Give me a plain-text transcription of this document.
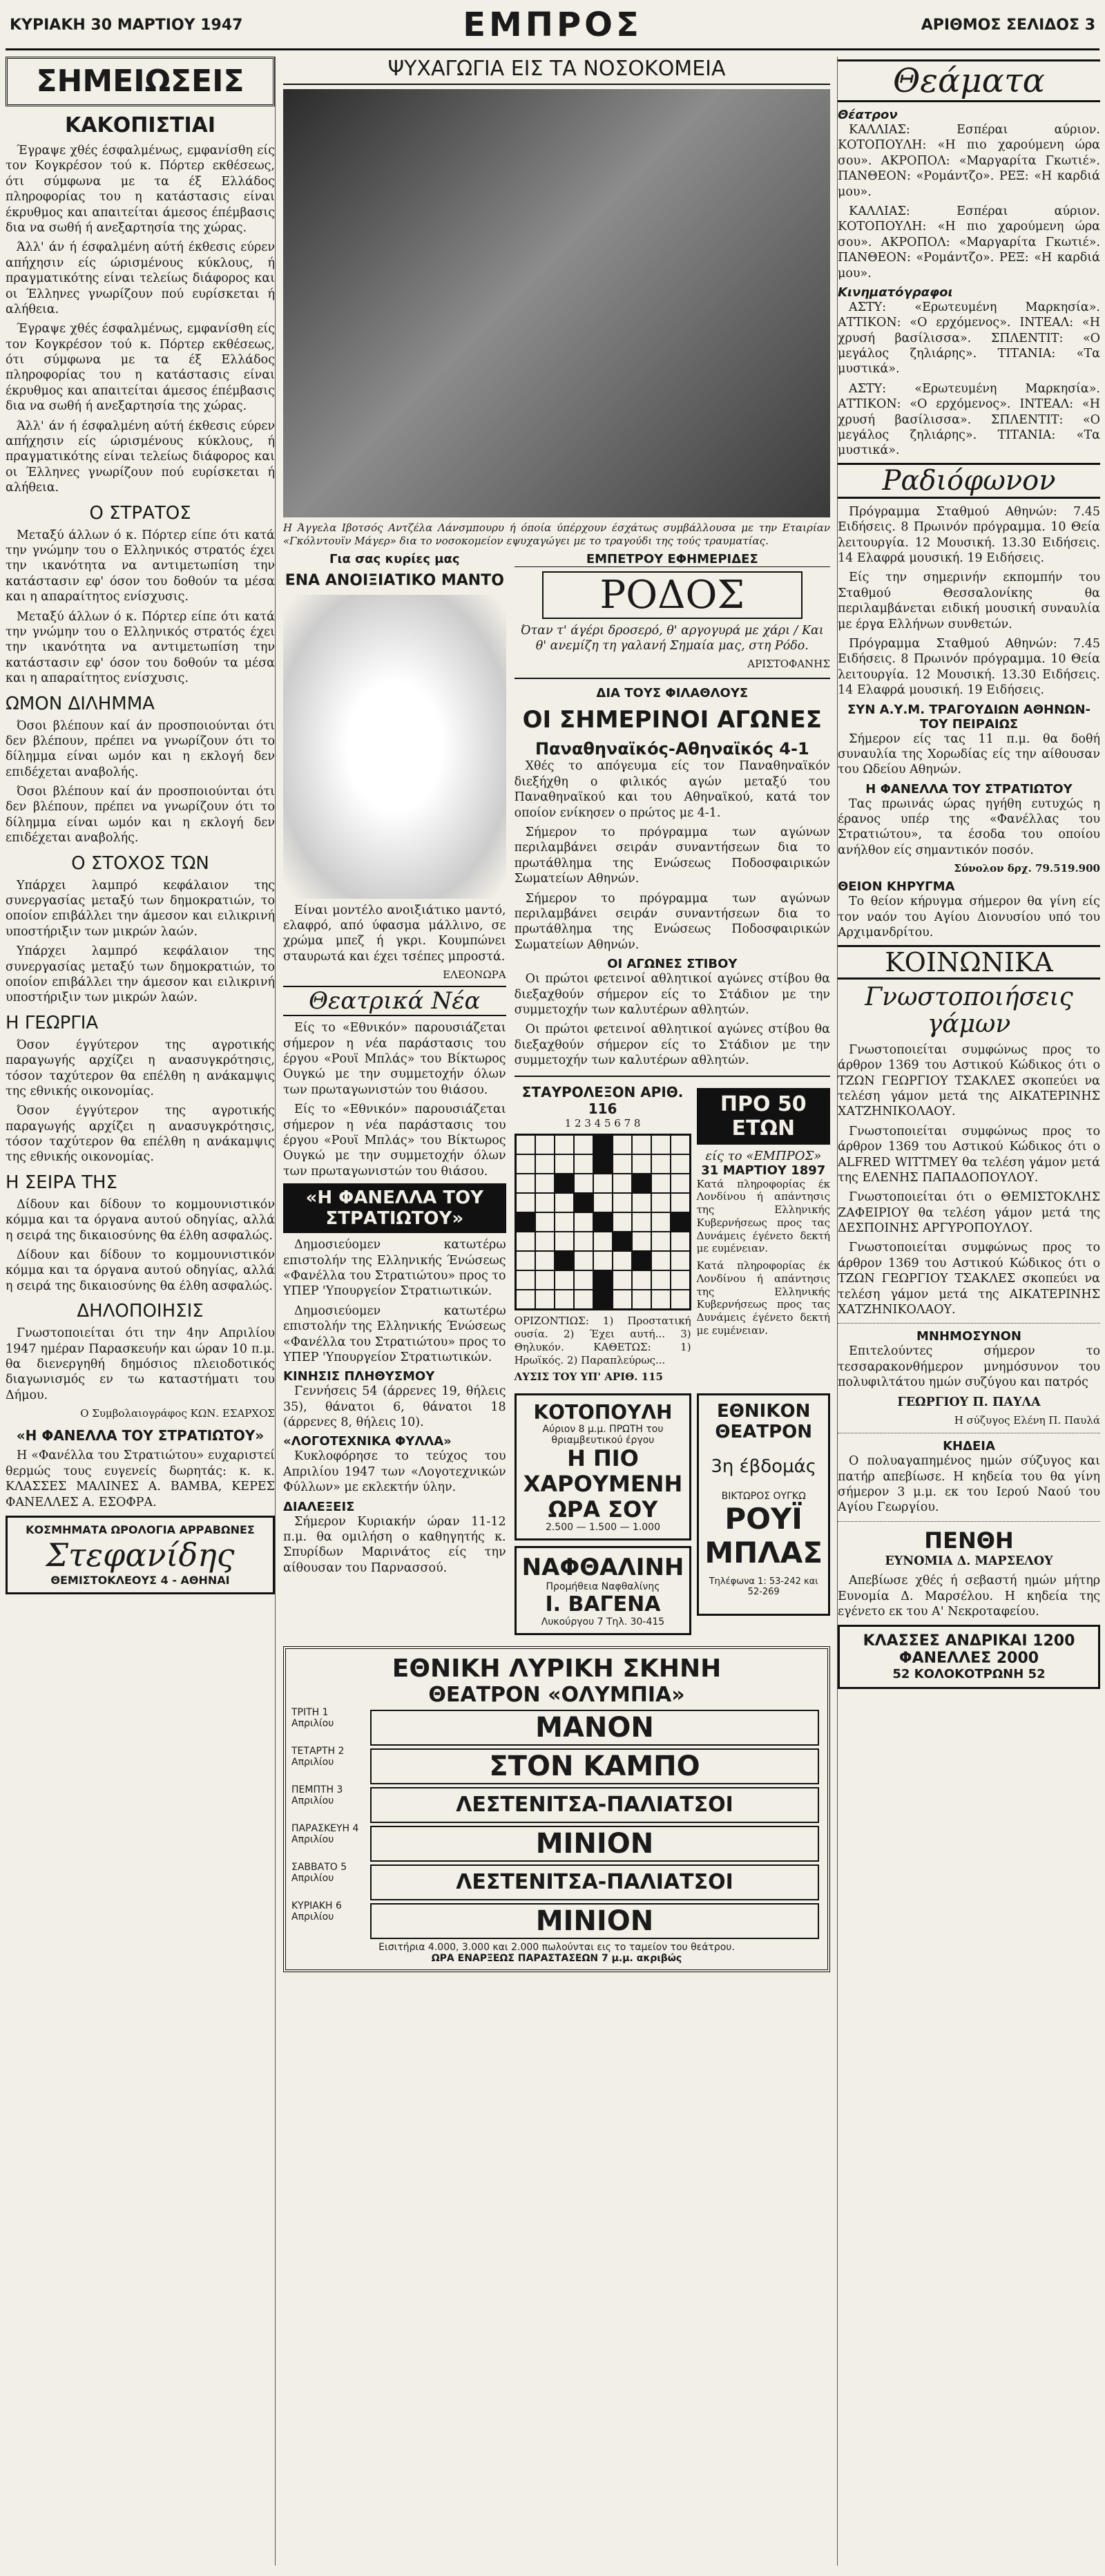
ΚΥΡΙΑΚΗ 30 ΜΑΡΤΙΟΥ 1947	ΕΜΠΡΟΣ	ΑΡΙΘΜΟΣ ΣΕΛΙΔΟΣ 3
ΣΗΜΕΙΩΣΕΙΣ
ΚΑΚΟΠΙΣΤΙΑΙ

Έγραψε χθές έσφαλμένως, εμφανίσθη είς τον Κογκρέσον τού κ. Πόρτερ εκθέσεως, ότι σύμφωνα με τα έξ Ελλάδος πληροφορίας του η κατάστασις είναι έκρυθμος και απαιτείται άμεσος έπέμβασις δια να σωθή ή ανεξαρτησία της χώρας.

Άλλ' άν ή έσφαλμένη αύτή έκθεσις εύρεν απήχησιν είς ώρισμένους κύκλους, ή πραγματικότης είναι τελείως διάφορος και οι Έλληνες γνωρίζουν πού ευρίσκεται ή αλήθεια.

Έγραψε χθές έσφαλμένως, εμφανίσθη είς τον Κογκρέσον τού κ. Πόρτερ εκθέσεως, ότι σύμφωνα με τα έξ Ελλάδος πληροφορίας του η κατάστασις είναι έκρυθμος και απαιτείται άμεσος έπέμβασις δια να σωθή ή ανεξαρτησία της χώρας.

Άλλ' άν ή έσφαλμένη αύτή έκθεσις εύρεν απήχησιν είς ώρισμένους κύκλους, ή πραγματικότης είναι τελείως διάφορος και οι Έλληνες γνωρίζουν πού ευρίσκεται ή αλήθεια.

Ο ΣΤΡΑΤΟΣ

Μεταξύ άλλων ό κ. Πόρτερ είπε ότι κατά την γνώμην του ο Ελληνικός στρατός έχει την ικανότητα να αντιμετωπίση την κατάστασιν εφ' όσον του δοθούν τα μέσα και η απαραίτητος ενίσχυσις.

Μεταξύ άλλων ό κ. Πόρτερ είπε ότι κατά την γνώμην του ο Ελληνικός στρατός έχει την ικανότητα να αντιμετωπίση την κατάστασιν εφ' όσον του δοθούν τα μέσα και η απαραίτητος ενίσχυσις.

ΩΜΟΝ ΔΙΛΗΜΜΑ

Όσοι βλέπουν καί άν προσποιούνται ότι δεν βλέπουν, πρέπει να γνωρίζουν ότι το δίλημμα είναι ωμόν και η εκλογή δεν επιδέχεται αναβολής.

Όσοι βλέπουν καί άν προσποιούνται ότι δεν βλέπουν, πρέπει να γνωρίζουν ότι το δίλημμα είναι ωμόν και η εκλογή δεν επιδέχεται αναβολής.

Ο ΣΤΟΧΟΣ ΤΩΝ

Υπάρχει λαμπρό κεφάλαιον της συνεργασίας μεταξύ των δημοκρατιών, το οποίον επιβάλλει την άμεσον και ειλικρινή υποστήριξιν των μικρών λαών.

Υπάρχει λαμπρό κεφάλαιον της συνεργασίας μεταξύ των δημοκρατιών, το οποίον επιβάλλει την άμεσον και ειλικρινή υποστήριξιν των μικρών λαών.

Η ΓΕΩΡΓΙΑ

Όσον έγγύτερον της αγροτικής παραγωγής αρχίζει η ανασυγκρότησις, τόσον ταχύτερον θα επέλθη η ανάκαμψις της εθνικής οικονομίας.

Όσον έγγύτερον της αγροτικής παραγωγής αρχίζει η ανασυγκρότησις, τόσον ταχύτερον θα επέλθη η ανάκαμψις της εθνικής οικονομίας.

Η ΣΕΙΡΑ ΤΗΣ

Δίδουν και δίδουν το κομμουνιστικόν κόμμα και τα όργανα αυτού οδηγίας, αλλά η σειρά της δικαιοσύνης θα έλθη ασφαλώς.

Δίδουν και δίδουν το κομμουνιστικόν κόμμα και τα όργανα αυτού οδηγίας, αλλά η σειρά της δικαιοσύνης θα έλθη ασφαλώς.

ΔΗΛΟΠΟΙΗΣΙΣ

Γνωστοποιείται ότι την 4ην Απριλίου 1947 ημέραν Παρασκευήν και ώραν 10 π.μ. θα διενεργηθή δημόσιος πλειοδοτικός διαγωνισμός εν τω καταστήματι του Δήμου.

Ο Συμβολαιογράφος ΚΩΝ. ΕΣΑΡΧΟΣ

«Η ΦΑΝΕΛΛΑ ΤΟΥ ΣΤΡΑΤΙΩΤΟΥ»

Η «Φανέλλα του Στρατιώτου» ευχαριστεί θερμώς τους ευγενείς δωρητάς: κ. κ. ΚΛΑΣΣΕΣ ΜΑΛΙΝΕΣ Α. ΒΑΜΒΑ, ΚΕΡΕΣ ΦΑΝΕΛΛΕΣ Α. ΕΣΟΦΡΑ.

ΚΟΣΜΗΜΑΤΑ ΩΡΟΛΟΓΙΑ ΑΡΡΑΒΩΝΕΣ
Στεφανίδης
ΘΕΜΙΣΤΟΚΛΕΟΥΣ 4 - ΑΘΗΝΑΙ
ΨΥΧΑΓΩΓΙΑ ΕΙΣ ΤΑ ΝΟΣΟΚΟΜΕΙΑ

Η Άγγελα Ιβοτσός Αντζέλα Λάνσμπουρυ ή όποία ύπέρχουν έσχάτως συμβάλλουσα με την Εταιρίαν «Γκόλντουϊν Μάγερ» δια το νοσοκομείον εψυχαγώγει με το τραγούδι της τούς τραυματίας.

Για σας κυρίες μας
ΕΝΑ ΑΝΟΙΞΙΑΤΙΚΟ ΜΑΝΤΟ

Είναι μοντέλο ανοιξιάτικο μαντό, ελαφρό, από ύφασμα μάλλινο, σε χρώμα μπεζ ή γκρι. Κουμπώνει σταυρωτά και έχει τσέπες μπροστά.

ΕΛΕΟΝΩΡΑ

Θεατρικά Νέα

Είς το «Εθνικόν» παρουσιάζεται σήμερον η νέα παράστασις του έργου «Ρουϊ Μπλάς» του Βίκτωρος Ουγκώ με την συμμετοχήν όλων των πρωταγωνιστών του θιάσου.

Είς το «Εθνικόν» παρουσιάζεται σήμερον η νέα παράστασις του έργου «Ρουϊ Μπλάς» του Βίκτωρος Ουγκώ με την συμμετοχήν όλων των πρωταγωνιστών του θιάσου.

«Η ΦΑΝΕΛΛΑ ΤΟΥ ΣΤΡΑΤΙΩΤΟΥ»

Δημοσιεύομεν κατωτέρω επιστολήν της Ελληνικής Ένώσεως «Φανέλλα του Στρατιώτου» προς το ΥΠΕΡ 'Υπουργείον Στρατιωτικών.

Δημοσιεύομεν κατωτέρω επιστολήν της Ελληνικής Ένώσεως «Φανέλλα του Στρατιώτου» προς το ΥΠΕΡ 'Υπουργείον Στρατιωτικών.

ΚΙΝΗΣΙΣ ΠΛΗΘΥΣΜΟΥ

Γεννήσεις 54 (άρρενες 19, θήλεις 35), θάνατοι 6, θάνατοι 18 (άρρενες 8, θήλεις 10).

«ΛΟΓΟΤΕΧΝΙΚΑ ΦΥΛΛΑ»

Κυκλοφόρησε το τεύχος του Απριλίου 1947 των «Λογοτεχνικών Φύλλων» με εκλεκτήν ύλην.

ΔΙΑΛΕΞΕΙΣ

Σήμερον Κυριακήν ώραν 11-12 π.μ. θα ομιλήση ο καθηγητής κ. Σπυρίδων Μαρινάτος είς την αίθουσαν του Παρνασσού.

ΕΜΠΕΤΡΟΥ ΕΦΗΜΕΡΙΔΕΣ
ΡΟΔΟΣ

Όταν τ' άγέρι δροσερό, θ' αργογυρά με χάρι / Και θ' ανεμίζη τη γαλανή Σημαία μας, στη Ρόδο.

ΑΡΙΣΤΟΦΑΝΗΣ

ΔΙΑ ΤΟΥΣ ΦΙΛΑΘΛΟΥΣ
ΟΙ ΣΗΜΕΡΙΝΟΙ ΑΓΩΝΕΣ
Παναθηναϊκός-Αθηναϊκός 4-1

Χθές το απόγευμα είς τον Παναθηναϊκόν διεξήχθη ο φιλικός αγών μεταξύ του Παναθηναϊκού και του Αθηναϊκού, κατά τον οποίον ενίκησεν ο πρώτος με 4-1.

Σήμερον το πρόγραμμα των αγώνων περιλαμβάνει σειράν συναντήσεων δια το πρωτάθλημα της Ενώσεως Ποδοσφαιρικών Σωματείων Αθηνών.

Σήμερον το πρόγραμμα των αγώνων περιλαμβάνει σειράν συναντήσεων δια το πρωτάθλημα της Ενώσεως Ποδοσφαιρικών Σωματείων Αθηνών.

ΟΙ ΑΓΩΝΕΣ ΣΤΙΒΟΥ

Οι πρώτοι φετεινοί αθλητικοί αγώνες στίβου θα διεξαχθούν σήμερον είς το Στάδιον με την συμμετοχήν των καλυτέρων αθλητών.

Οι πρώτοι φετεινοί αθλητικοί αγώνες στίβου θα διεξαχθούν σήμερον είς το Στάδιον με την συμμετοχήν των καλυτέρων αθλητών.

ΣΤΑΥΡΟΛΕΞΟΝ ΑΡΙΘ. 116
1 2 3 4 5 6 7 8

ΟΡΙΖΟΝΤΙΩΣ: 1) Προστατική ουσία. 2) Έχει αυτή... 3) Θηλυκόν. ΚΑΘΕΤΩΣ: 1) Ηρωϊκός. 2) Παραπλεύρως...

ΛΥΣΙΣ ΤΟΥ ΥΠ' ΑΡΙΘ. 115

ΠΡΟ 50 ΕΤΩΝ
είς το «ΕΜΠΡΟΣ»
31 ΜΑΡΤΙΟΥ 1897

Κατά πληροφορίας έκ Λονδίνου ή απάντησις της Ελληνικής Κυβερνήσεως προς τας Δυνάμεις έγένετο δεκτή με ευμένειαν.

Κατά πληροφορίας έκ Λονδίνου ή απάντησις της Ελληνικής Κυβερνήσεως προς τας Δυνάμεις έγένετο δεκτή με ευμένειαν.

ΚΟΤΟΠΟΥΛΗ
Αύριον 8 μ.μ. ΠΡΩΤΗ του θριαμβευτικού έργου
Η ΠΙΟ ΧΑΡΟΥΜΕΝΗ ΩΡΑ ΣΟΥ
2.500 — 1.500 — 1.000
ΝΑΦΘΑΛΙΝΗ
Προμήθεια Ναφθαλίνης
Ι. ΒΑΓΕΝΑ
Λυκούργου 7 Τηλ. 30-415
ΕΘΝΙΚΟΝ ΘΕΑΤΡΟΝ
3η έβδομάς
ΒΙΚΤΩΡΟΣ ΟΥΓΚΩ
ΡΟΥΪ ΜΠΛΑΣ
Τηλέφωνα 1: 53-242 και 52-269
ΕΘΝΙΚΗ ΛΥΡΙΚΗ ΣΚΗΝΗ
ΘΕΑΤΡΟΝ «ΟΛΥΜΠΙΑ»
ΤΡΙΤΗ 1 Απριλίου
ΤΕΤΑΡΤΗ 2 Απριλίου
ΠΕΜΠΤΗ 3 Απριλίου
ΠΑΡΑΣΚΕΥΗ 4 Απριλίου
ΣΑΒΒΑΤΟ 5 Απριλίου
ΚΥΡΙΑΚΗ 6 Απριλίου
ΜΑΝΟΝ
ΣΤΟΝ ΚΑΜΠΟ
ΛΕΣΤΕΝΙΤΣΑ-ΠΑΛΙΑΤΣΟΙ
ΜΙΝΙΟΝ
ΛΕΣΤΕΝΙΤΣΑ-ΠΑΛΙΑΤΣΟΙ
ΜΙΝΙΟΝ
Εισιτήρια 4.000, 3.000 και 2.000 πωλούνται εις το ταμείον του θεάτρου.
ΩΡΑ ΕΝΑΡΞΕΩΣ ΠΑΡΑΣΤΑΣΕΩΝ 7 μ.μ. ακριβώς
Θεάματα
Θέατρον

ΚΑΛΛΙΑΣ: Εσπέραι αύριον. ΚΟΤΟΠΟΥΛΗ: «Η πιο χαρούμενη ώρα σου». ΑΚΡΟΠΟΛ: «Μαργαρίτα Γκωτιέ». ΠΑΝΘΕΟΝ: «Ρομάντζο». ΡΕΞ: «Η καρδιά μου».

ΚΑΛΛΙΑΣ: Εσπέραι αύριον. ΚΟΤΟΠΟΥΛΗ: «Η πιο χαρούμενη ώρα σου». ΑΚΡΟΠΟΛ: «Μαργαρίτα Γκωτιέ». ΠΑΝΘΕΟΝ: «Ρομάντζο». ΡΕΞ: «Η καρδιά μου».

Κινηματόγραφοι

ΑΣΤΥ: «Ερωτευμένη Μαρκησία». ΑΤΤΙΚΟΝ: «Ο ερχόμενος». ΙΝΤΕΑΛ: «Η χρυσή βασίλισσα». ΣΠΛΕΝΤΙΤ: «Ο μεγάλος ζηλιάρης». ΤΙΤΑΝΙΑ: «Τα μυστικά».

ΑΣΤΥ: «Ερωτευμένη Μαρκησία». ΑΤΤΙΚΟΝ: «Ο ερχόμενος». ΙΝΤΕΑΛ: «Η χρυσή βασίλισσα». ΣΠΛΕΝΤΙΤ: «Ο μεγάλος ζηλιάρης». ΤΙΤΑΝΙΑ: «Τα μυστικά».

Ραδιόφωνον

Πρόγραμμα Σταθμού Αθηνών: 7.45 Ειδήσεις. 8 Πρωινόν πρόγραμμα. 10 Θεία λειτουργία. 12 Μουσική. 13.30 Ειδήσεις. 14 Ελαφρά μουσική. 19 Ειδήσεις.

Είς την σημερινήν εκπομπήν του Σταθμού Θεσσαλονίκης θα περιλαμβάνεται ειδική μουσική συναυλία με έργα Ελλήνων συνθετών.

Πρόγραμμα Σταθμού Αθηνών: 7.45 Ειδήσεις. 8 Πρωινόν πρόγραμμα. 10 Θεία λειτουργία. 12 Μουσική. 13.30 Ειδήσεις. 14 Ελαφρά μουσική. 19 Ειδήσεις.

ΣΥΝ Α.Υ.Μ. ΤΡΑΓΟΥΔΙΩΝ ΑΘΗΝΩΝ-ΤΟΥ ΠΕΙΡΑΙΩΣ

Σήμερον είς τας 11 π.μ. θα δοθή συναυλία της Χορωδίας είς την αίθουσαν του Ωδείου Αθηνών.

Η ΦΑΝΕΛΛΑ ΤΟΥ ΣΤΡΑΤΙΩΤΟΥ

Τας πρωινάς ώρας ηγήθη ευτυχώς η έρανος υπέρ της «Φανέλλας του Στρατιώτου», τα έσοδα του οποίου ανήλθον είς σημαντικόν ποσόν.

Σύνολον δρχ. 79.519.900

ΘΕΙΟΝ ΚΗΡΥΓΜΑ

Το θείον κήρυγμα σήμερον θα γίνη είς τον ναόν του Αγίου Διονυσίου υπό του Αρχιμανδρίτου.

ΚΟΙΝΩΝΙΚΑ
Γνωστοποιήσεις γάμων

Γνωστοποιείται συμφώνως προς το άρθρον 1369 του Αστικού Κώδικος ότι ο ΤΖΩΝ ΓΕΩΡΓΙΟΥ ΤΣΑΚΛΕΣ σκοπεύει να τελέση γάμον μετά της ΑΙΚΑΤΕΡΙΝΗΣ ΧΑΤΖΗΝΙΚΟΛΑΟΥ.

Γνωστοποιείται συμφώνως προς το άρθρον 1369 του Αστικού Κώδικος ότι ο ALFRED WITTMEY θα τελέση γάμον μετά της ΕΛΕΝΗΣ ΠΑΠΑΔΟΠΟΥΛΟΥ.

Γνωστοποιείται ότι ο ΘΕΜΙΣΤΟΚΛΗΣ ΖΑΦΕΙΡΙΟΥ θα τελέση γάμον μετά της ΔΕΣΠΟΙΝΗΣ ΑΡΓΥΡΟΠΟΥΛΟΥ.

Γνωστοποιείται συμφώνως προς το άρθρον 1369 του Αστικού Κώδικος ότι ο ΤΖΩΝ ΓΕΩΡΓΙΟΥ ΤΣΑΚΛΕΣ σκοπεύει να τελέση γάμον μετά της ΑΙΚΑΤΕΡΙΝΗΣ ΧΑΤΖΗΝΙΚΟΛΑΟΥ.

ΜΝΗΜΟΣΥΝΟΝ

Επιτελούντες σήμερον το τεσσαρακονθήμερον μνημόσυνον του πολυφιλτάτου ημών συζύγου και πατρός

ΓΕΩΡΓΙΟΥ Π. ΠΑΥΛΑ

Η σύζυγος Ελένη Π. Παυλά

ΚΗΔΕΙΑ

Ο πολυαγαπημένος ημών σύζυγος και πατήρ απεβίωσε. Η κηδεία του θα γίνη σήμερον 3 μ.μ. εκ του Ιερού Ναού του Αγίου Γεωργίου.

ΠΕΝΘΗ

ΕΥΝΟΜΙΑ Δ. ΜΑΡΣΕΛΟΥ

Απεβίωσε χθές ή σεβαστή ημών μήτηρ Ευνομία Δ. Μαρσέλου. Η κηδεία της εγένετο εκ του Α' Νεκροταφείου.

ΚΛΑΣΣΕΣ ΑΝΔΡΙΚΑΙ 1200
ΦΑΝΕΛΛΕΣ 2000
52 ΚΟΛΟΚΟΤΡΩΝΗ 52
